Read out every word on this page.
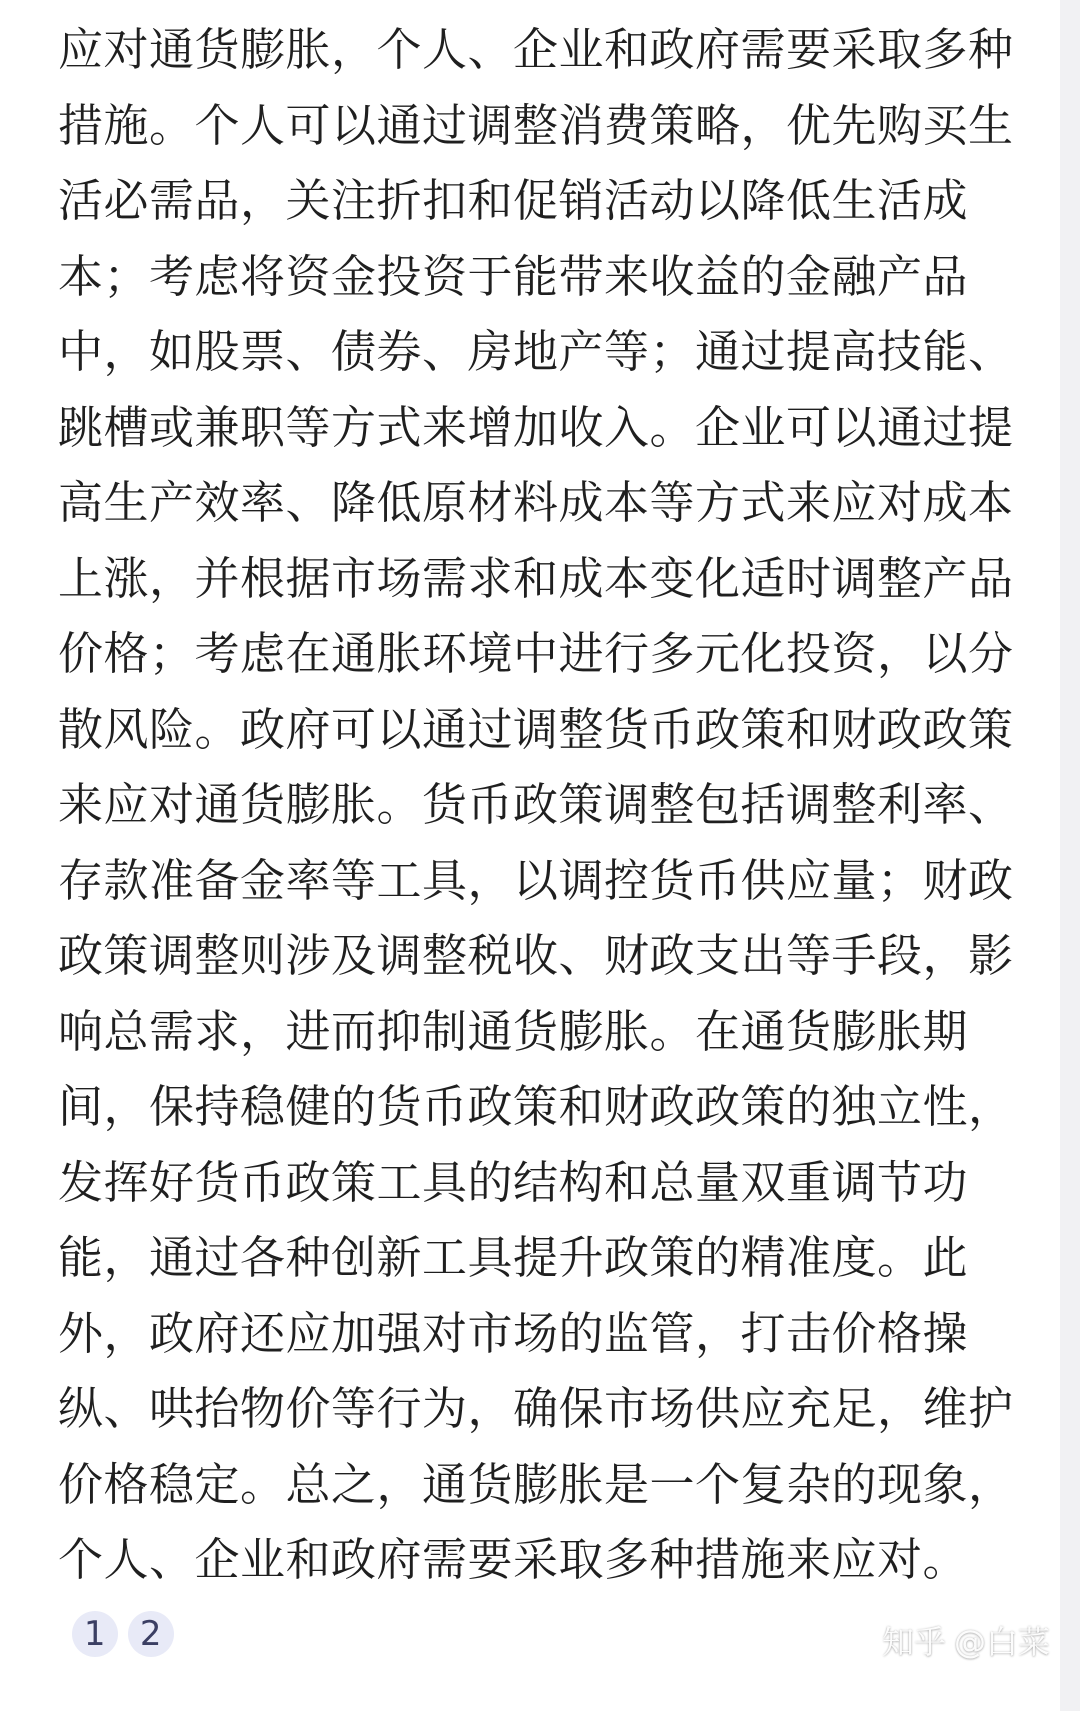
应对通货膨胀，个人、企业和政府需要采取多种措施。个人可以通过调整消费策略，优先购买生活必需品，关注折扣和促销活动以降低生活成本；考虑将资金投资于能带来收益的金融产品中，如股票、债券、房地产等；通过提高技能、跳槽或兼职等方式来增加收入。企业可以通过提高生产效率、降低原材料成本等方式来应对成本上涨，并根据市场需求和成本变化适时调整产品价格；考虑在通胀环境中进行多元化投资，以分散风险。政府可以通过调整货币政策和财政政策来应对通货膨胀。货币政策调整包括调整利率、存款准备金率等工具，以调控货币供应量；财政政策调整则涉及调整税收、财政支出等手段，影响总需求，进而抑制通货膨胀。在通货膨胀期间，保持稳健的货币政策和财政政策的独立性，发挥好货币政策工具的结构和总量双重调节功能，通过各种创新工具提升政策的精准度。此外，政府还应加强对市场的监管，打击价格操纵、哄抬物价等行为，确保市场供应充足，维护价格稳定。总之，通货膨胀是一个复杂的现象，个人、企业和政府需要采取多种措施来应对。1 2	知乎 @白菜
